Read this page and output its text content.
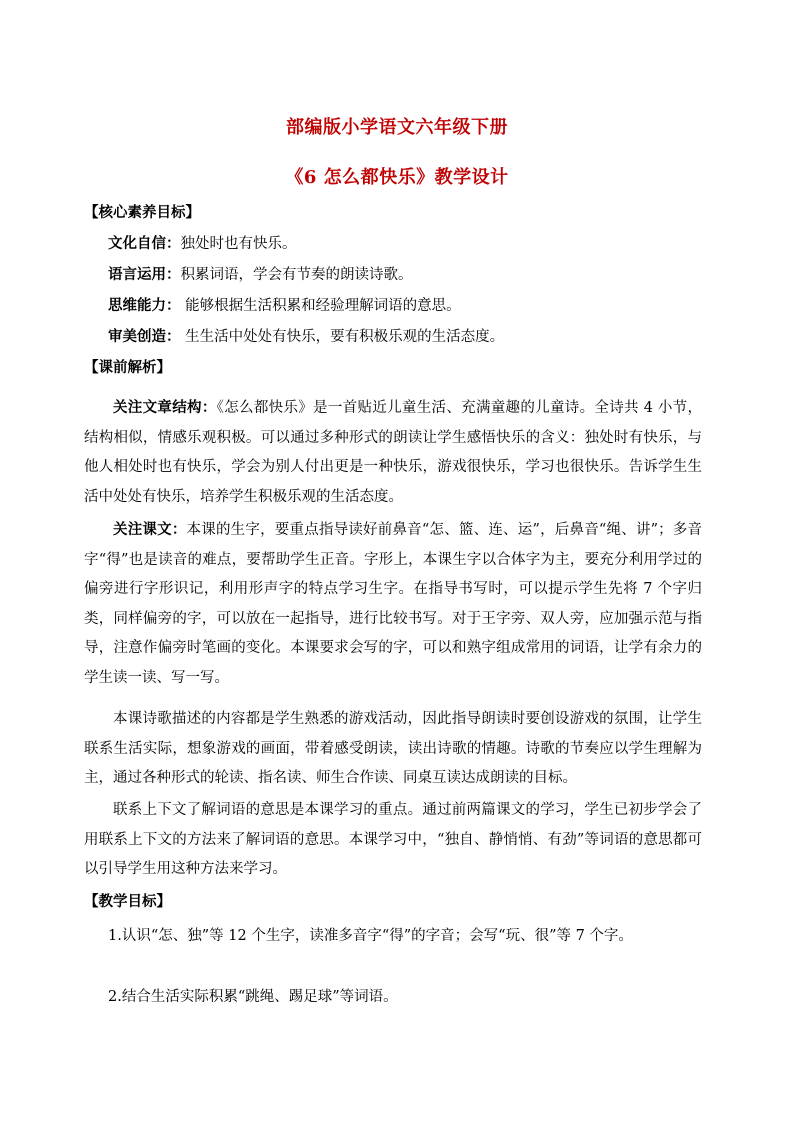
部编版小学语文六年级下册
《6 怎么都快乐》教学设计
【核心素养目标】
文化自信：独处时也有快乐。
语言运用：积累词语，学会有节奏的朗读诗歌。
思维能力： 能够根据生活积累和经验理解词语的意思。
审美创造： 生生活中处处有快乐，要有积极乐观的生活态度。
【课前解析】

关注文章结构：《怎么都快乐》是一首贴近儿童生活、充满童趣的儿童诗。全诗共 4 小节，结构相似，情感乐观积极。可以通过多种形式的朗读让学生感悟快乐的含义：独处时有快乐，与他人相处时也有快乐，学会为别人付出更是一种快乐，游戏很快乐，学习也很快乐。告诉学生生活中处处有快乐，培养学生积极乐观的生活态度。

关注课文：本课的生字，要重点指导读好前鼻音“怎、篮、连、运”，后鼻音“绳、讲”；多音字“得”也是读音的难点，要帮助学生正音。字形上，本课生字以合体字为主，要充分利用学过的偏旁进行字形识记，利用形声字的特点学习生字。在指导书写时，可以提示学生先将 7 个字归类，同样偏旁的字，可以放在一起指导，进行比较书写。对于王字旁、双人旁，应加强示范与指导，注意作偏旁时笔画的变化。本课要求会写的字，可以和熟字组成常用的词语，让学有余力的学生读一读、写一写。

本课诗歌描述的内容都是学生熟悉的游戏活动，因此指导朗读时要创设游戏的氛围，让学生联系生活实际，想象游戏的画面，带着感受朗读，读出诗歌的情趣。诗歌的节奏应以学生理解为主，通过各种形式的轮读、指名读、师生合作读、同桌互读达成朗读的目标。

联系上下文了解词语的意思是本课学习的重点。通过前两篇课文的学习，学生已初步学会了用联系上下文的方法来了解词语的意思。本课学习中，“独自、静悄悄、有劲”等词语的意思都可以引导学生用这种方法来学习。

【教学目标】

1.认识“怎、独”等 12 个生字，读准多音字“得”的字音；会写“玩、很”等 7 个字。

2.结合生活实际积累“跳绳、踢足球”等词语。
